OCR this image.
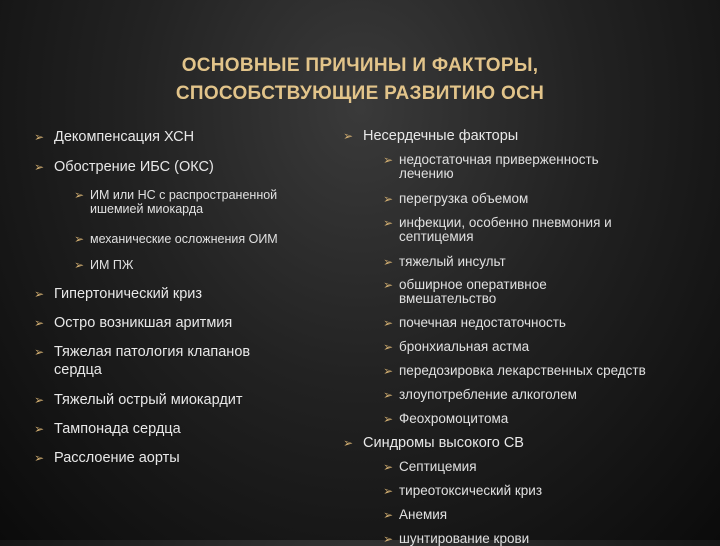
ОСНОВНЫЕ ПРИЧИНЫ И ФАКТОРЫ,
СПОСОБСТВУЮЩИЕ РАЗВИТИЮ ОСН
➢ Декомпенсация ХСН
➢ Обострение ИБС (ОКС)
➢ ИМ или НС с распространенной
ишемией миокарда
➢ механические осложнения ОИМ
➢ ИМ ПЖ
➢ Гипертонический криз
➢ Остро возникшая аритмия
➢ Тяжелая патология клапанов
сердца
➢ Тяжелый острый миокардит
➢ Тампонада сердца
➢ Расслоение аорты
➢ Несердечные факторы
➢ недостаточная приверженность
лечению
➢ перегрузка объемом
➢ инфекции, особенно пневмония и
септицемия
➢ тяжелый инсульт
➢ обширное оперативное
вмешательство
➢ почечная недостаточность
➢ бронхиальная астма
➢ передозировка лекарственных средств
➢ злоупотребление алкоголем
➢ Феохромоцитома
➢ Синдромы высокого СВ
➢ Септицемия
➢ тиреотоксический криз
➢ Анемия
➢ шунтирование крови
